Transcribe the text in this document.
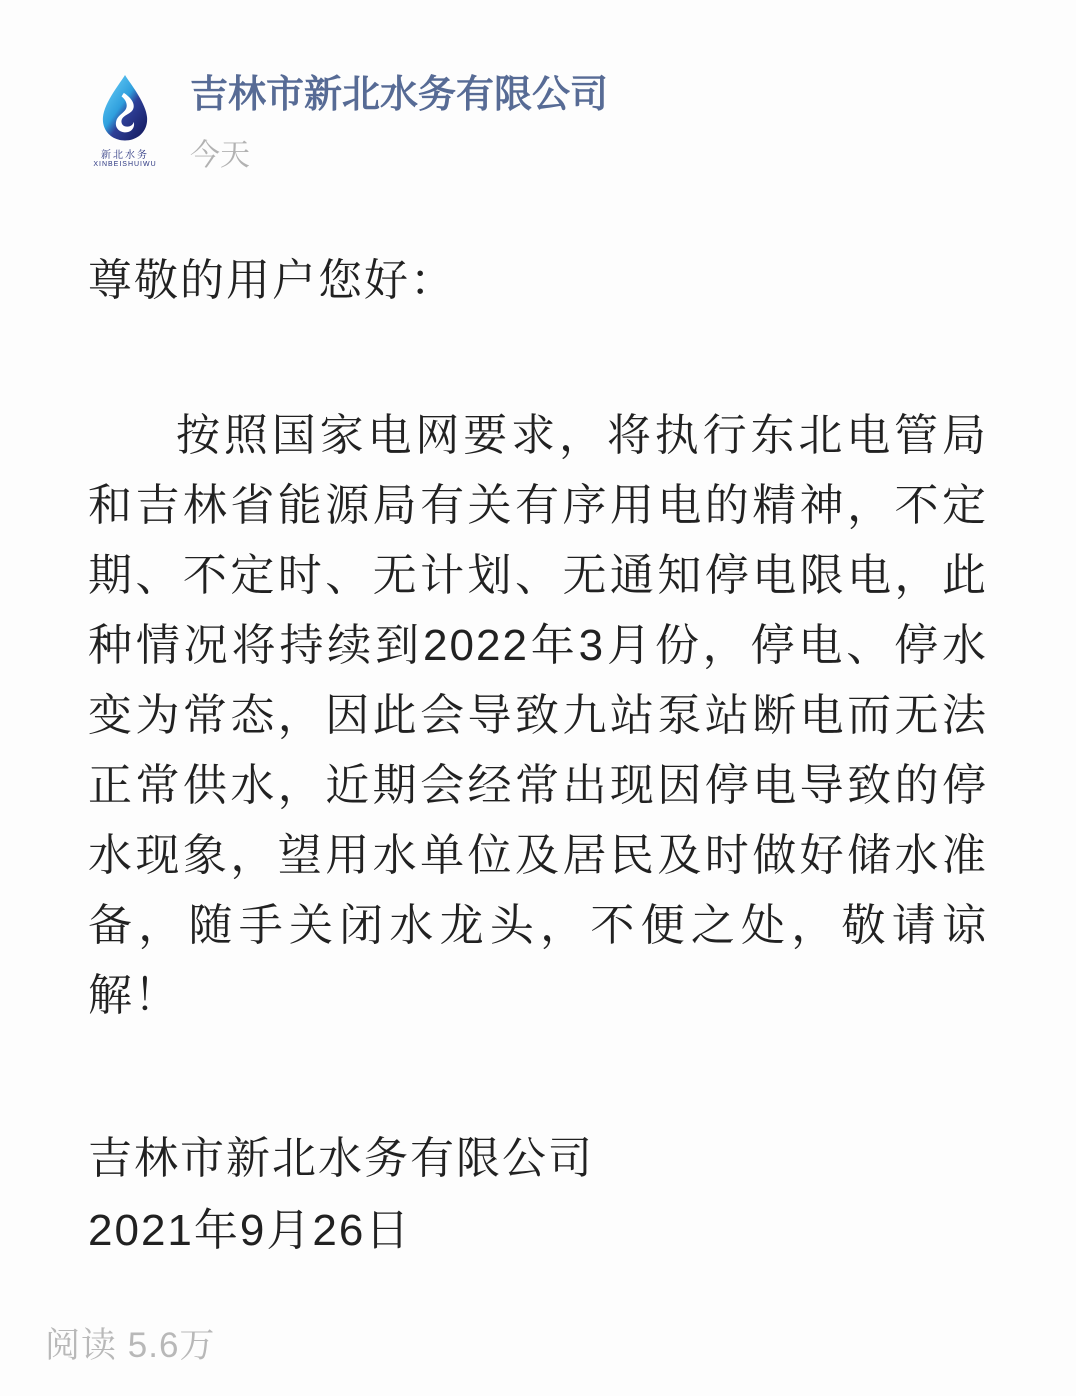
新北水务
XINBEISHUIWU
吉林市新北水务有限公司
今天
尊敬的用户您好：

按照国家电网要求，将执行东北电管局和吉林省能源局有关有序用电的精神，不定期、不定时、无计划、无通知停电限电，此种情况将持续到2022年3月份，停电、停水变为常态，因此会导致九站泵站断电而无法正常供水，近期会经常出现因停电导致的停水现象，望用水单位及居民及时做好储水准备，随手关闭水龙头，不便之处，敬请谅解！

吉林市新北水务有限公司
2021年9月26日
阅读 5.6万
